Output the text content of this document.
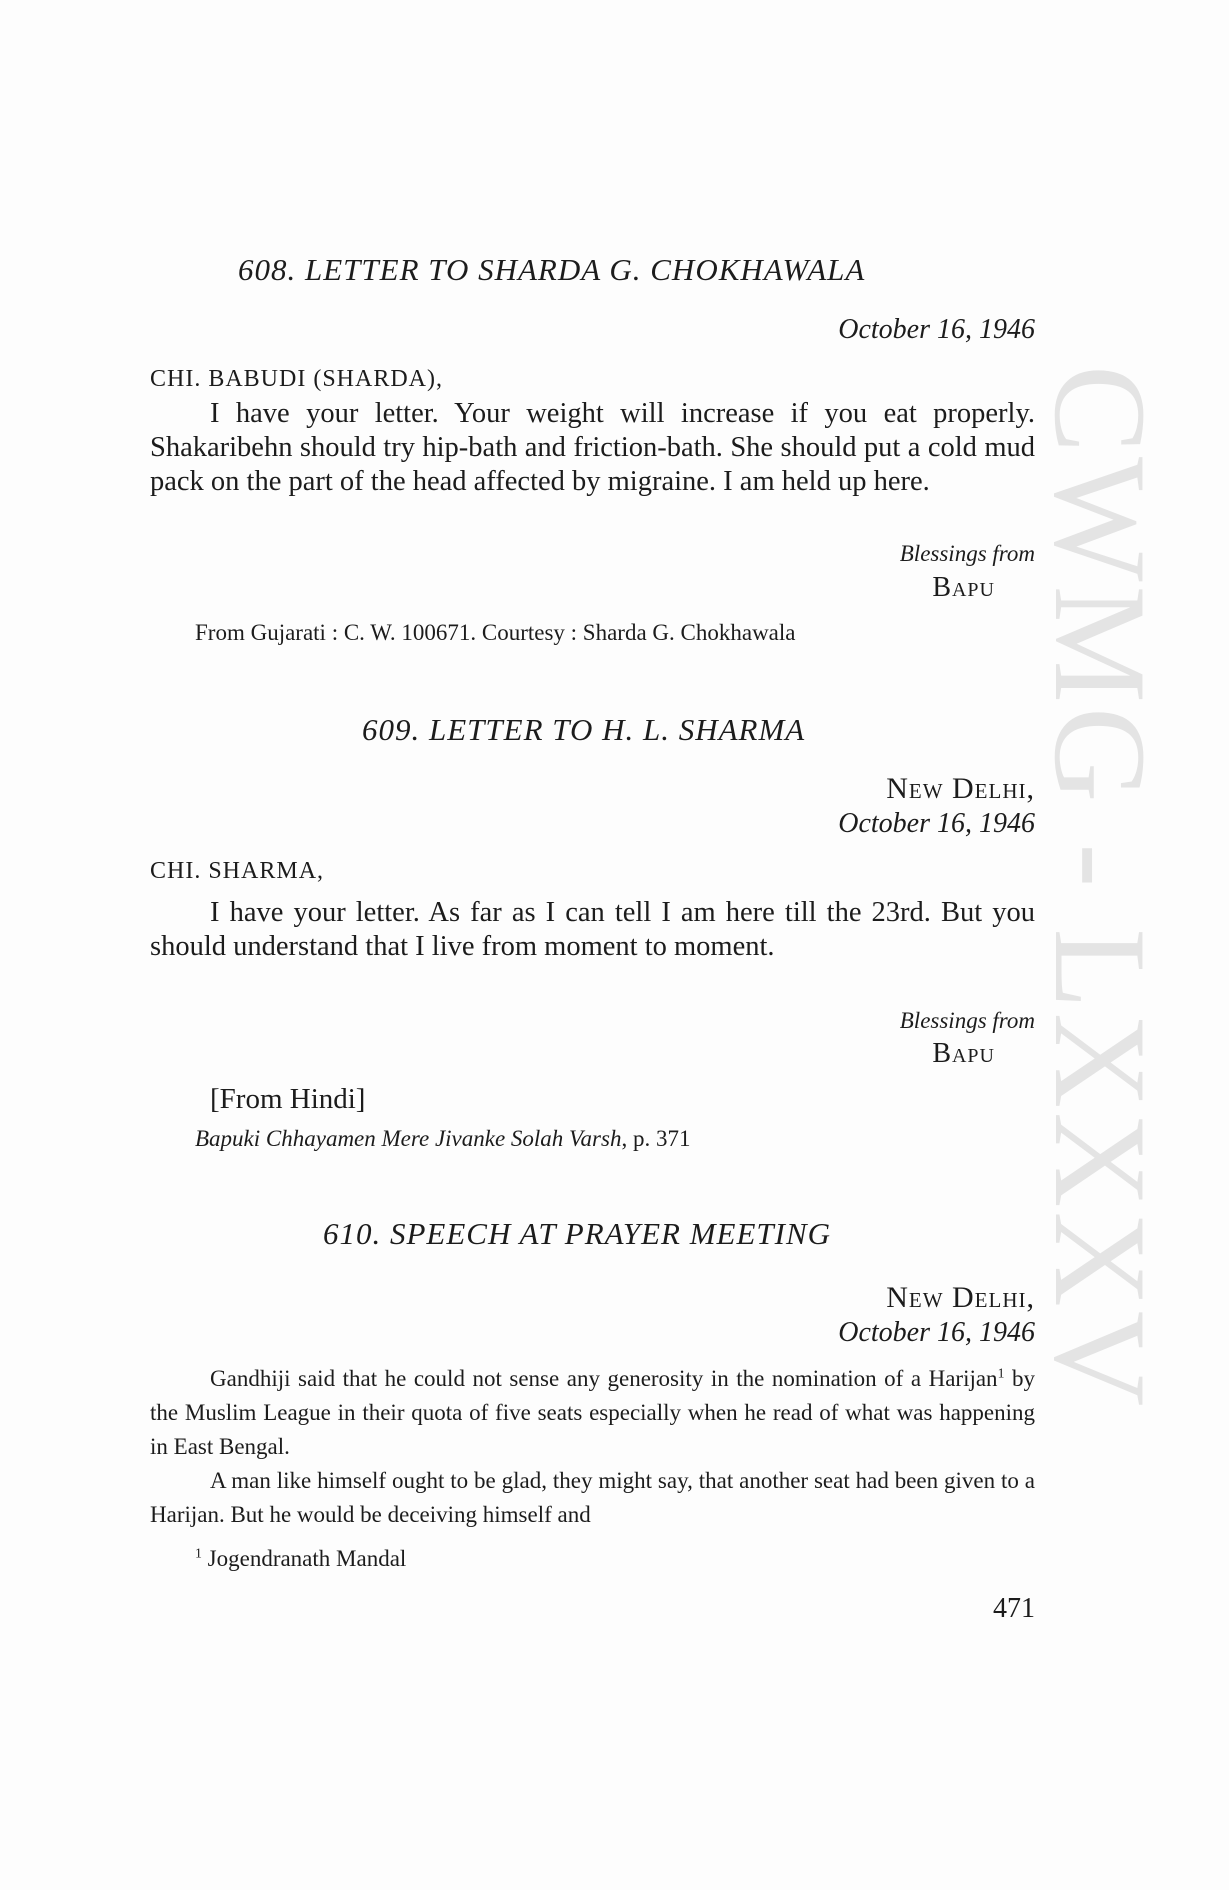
CWMG - LXXXV
608. LETTER TO SHARDA G. CHOKHAWALA
October 16, 1946
CHI. BABUDI (SHARDA),

I have your letter. Your weight will increase if you eat properly. Shakaribehn should try hip-bath and friction-bath. She should put a cold mud pack on the part of the head affected by migraine. I am held up here.

Blessings from
Bapu
From Gujarati : C. W. 100671. Courtesy : Sharda G. Chokhawala
609. LETTER TO H. L. SHARMA
New Delhi,
October 16, 1946
CHI. SHARMA,

I have your letter. As far as I can tell I am here till the 23rd. But you should understand that I live from moment to moment.

Blessings from
Bapu
[From Hindi]
Bapuki Chhayamen Mere Jivanke Solah Varsh, p. 371
610. SPEECH AT PRAYER MEETING
New Delhi,
October 16, 1946

Gandhiji said that he could not sense any generosity in the nomination of a Harijan$^1$ by the Muslim League in their quota of five seats especially when he read of what was happening in East Bengal.

A man like himself ought to be glad, they might say, that another seat had been given to a Harijan. But he would be deceiving himself and

$^1$ Jogendranath Mandal
471
